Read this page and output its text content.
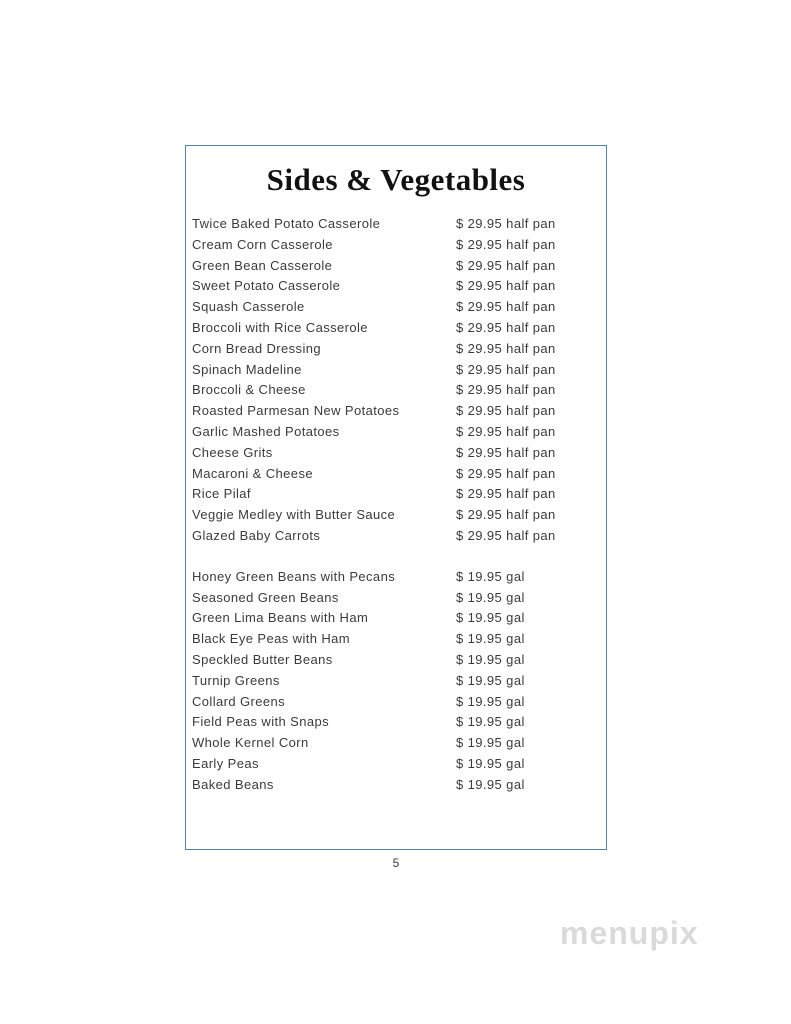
Sides & Vegetables
Twice Baked Potato Casserole	$ 29.95 half pan
Cream Corn Casserole	$ 29.95 half pan
Green Bean Casserole	$ 29.95 half pan
Sweet Potato Casserole	$ 29.95 half pan
Squash Casserole	$ 29.95 half pan
Broccoli with Rice Casserole	$ 29.95 half pan
Corn Bread Dressing	$ 29.95 half pan
Spinach Madeline	$ 29.95 half pan
Broccoli & Cheese	$ 29.95 half pan
Roasted Parmesan New Potatoes	$ 29.95 half pan
Garlic Mashed Potatoes	$ 29.95 half pan
Cheese Grits	$ 29.95 half pan
Macaroni & Cheese	$ 29.95 half pan
Rice Pilaf	$ 29.95 half pan
Veggie Medley with Butter Sauce	$ 29.95 half pan
Glazed Baby Carrots	$ 29.95 half pan
Honey Green Beans with Pecans	$ 19.95 gal
Seasoned Green Beans	$ 19.95 gal
Green Lima Beans with Ham	$ 19.95 gal
Black Eye Peas with Ham	$ 19.95 gal
Speckled Butter Beans	$ 19.95 gal
Turnip Greens	$ 19.95 gal
Collard Greens	$ 19.95 gal
Field Peas with Snaps	$ 19.95 gal
Whole Kernel Corn	$ 19.95 gal
Early Peas	$ 19.95 gal
Baked Beans	$ 19.95 gal
5
menupix
